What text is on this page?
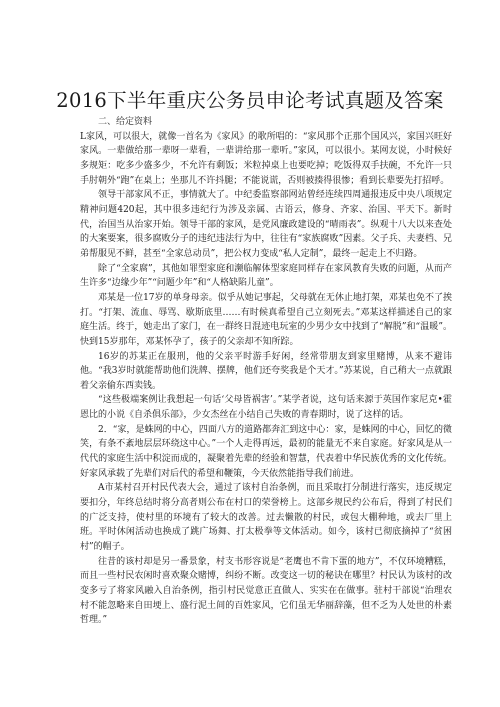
2016下半年重庆公务员申论考试真题及答案

二、给定资料

L家风，可以很大，就像一首名为《家风》的歌所唱的：“家风那个正那个国风兴，家国兴旺好家风。一辈做给那一辈呀一辈看，一辈讲给那一辈听。”家风，可以很小。某网友说，小时候好多规矩：吃多少盛多少，不允许有剩饭；米粒掉桌上也要吃掉；吃饭得双手扶碗，不允许一只手肘朝外“跑”在桌上；坐那儿不许抖腿；不能说谎，否则被揍得很惨；看到长辈要先打招呼。

领导干部家风不正，事情就大了。中纪委监察部网站曾经连续四周通报违反中央八项规定精神问题420起，其中很多违纪行为涉及亲属、古语云，修身、齐家、治国、平天下。新时代，治国当从治家开始。领导干部的家风，是党风廉政建设的“晴雨表”。纵观十八大以来查处的大案要案，很多腐败分子的违纪违法行为中，往往有“家族腐败”因素。父子兵、夫妻档、兄弟帮服见不鲜，甚至“全家总动员”，把公权力变成“私人定制”，最终一起走上不归路。

除了“全家腐”，其他如罪型家庭和濒临解体型家庭同样存在家风教育失败的问题，从而产生许多“边缘少年”“问题少年”和“人格缺陷儿童”。

邓某是一位17岁的单身母亲。似乎从她记事起，父母就在无休止地打架，邓某也免不了挨打。“打架、流血、辱骂、歇斯底里……有时候真希望自己立刻死去。”邓某这样描述自己的家庭生活。终于，她走出了家门，在一群终日混迹电玩室的少男少女中找到了“解脱”和“温暖”。快到15岁那年，邓某怀孕了，孩子的父亲却不知所踪。

16岁的苏某正在服刑，他的父亲平时游手好闲，经常带朋友到家里赌博，从来不避讳他。“我3岁时就能帮助他们洗牌、摆牌，他们还夸奖我是个天才。”苏某说，自己稍大一点就跟着父亲偷东西卖钱。

“这些极端案例让我想起一句话‘父母皆祸害’。”某学者说，这句话来源于英国作家尼克•霍恩比的小说《自杀俱乐部》，少女杰丝在小结自己失败的青春期时，说了这样的话。

2．“家，是蛛网的中心，四面八方的道路都奔汇到这中心：家，是蛛网的中心，回忆的微笑，有条不紊地层层环绕这中心。”一个人走得再远，最初的能量无不来自家庭。好家风是从一代代的家庭生活中积淀而成的，凝聚着先辈的经验和智慧，代表着中华民族优秀的文化传统。好家风承载了先辈们对后代的希望和鞭策，今天依然能指导我们前进。

A市某村召开村民代表大会，通过了该村自治条例，而且采取打分制进行落实，违反规定要扣分，年终总结时将分高者则公布在村口的荣誉榜上。这部乡规民约公布后，得到了村民们的广泛支持，使村里的环境有了较大的改善。过去懒散的村民，或包大棚种地，或去厂里上班。平时休闲活动也换成了跳广场舞、打太极拳等文体活动。如今，该村已彻底摘掉了“贫困村”的帽子。

往昔的该村却是另一番景象，村支书形容说是“老鹰也不肯下蛋的地方”，不仅环境糟糕，而且一些村民农闲时喜欢聚众赌博，纠纷不断。改变这一切的秘诀在哪里？村民认为该村的改变多亏了将家风融入自治条例，指引村民觉意正直做人、实实在在做事。驻村干部说“治理农村不能忽略来自田埂上、盛行泥土间的百姓家风，它们虽无华丽辞藻，但不乏为人处世的朴素哲理。”
